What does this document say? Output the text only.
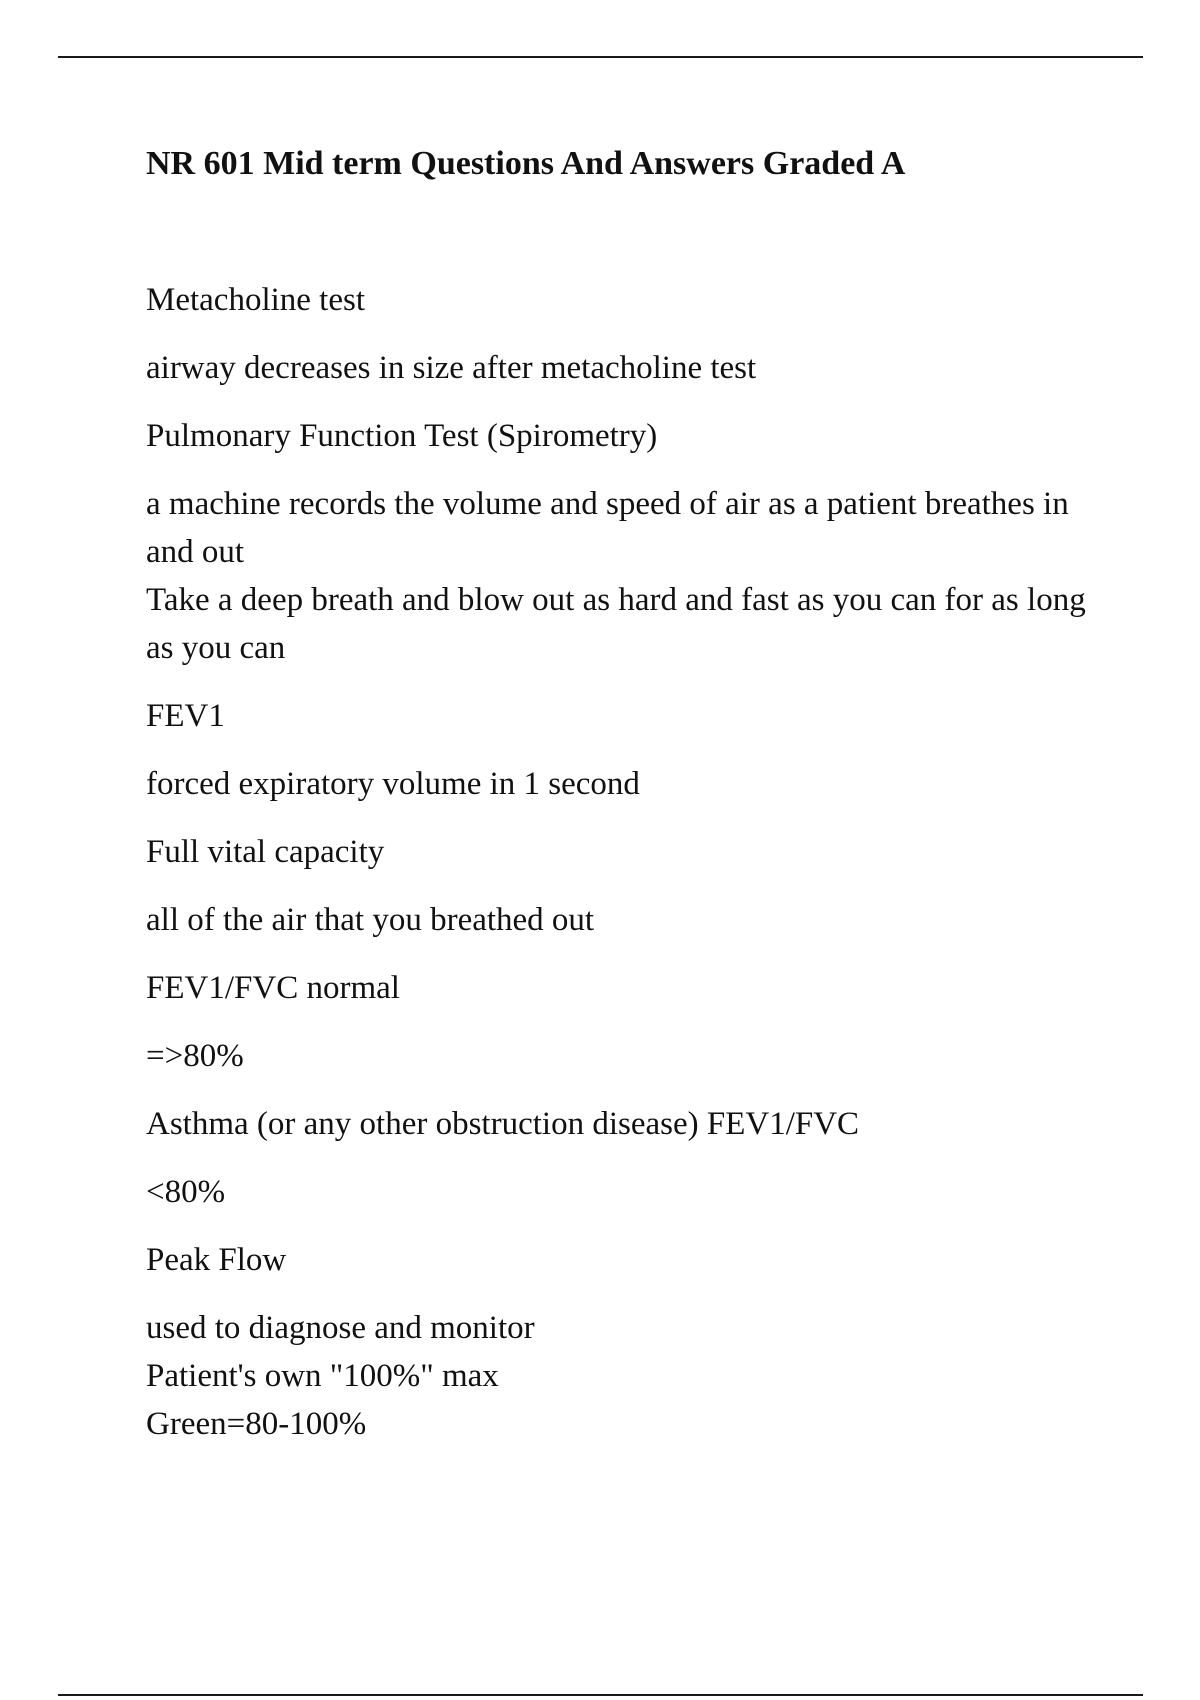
NR 601 Mid term Questions And Answers Graded A

Metacholine test

airway decreases in size after metacholine test

Pulmonary Function Test (Spirometry)

a machine records the volume and speed of air as a patient breathes in and out
Take a deep breath and blow out as hard and fast as you can for as long as you can

FEV1

forced expiratory volume in 1 second

Full vital capacity

all of the air that you breathed out

FEV1/FVC normal

=>80%

Asthma (or any other obstruction disease) FEV1/FVC

<80%

Peak Flow

used to diagnose and monitor
Patient's own "100%" max
Green=80-100%
